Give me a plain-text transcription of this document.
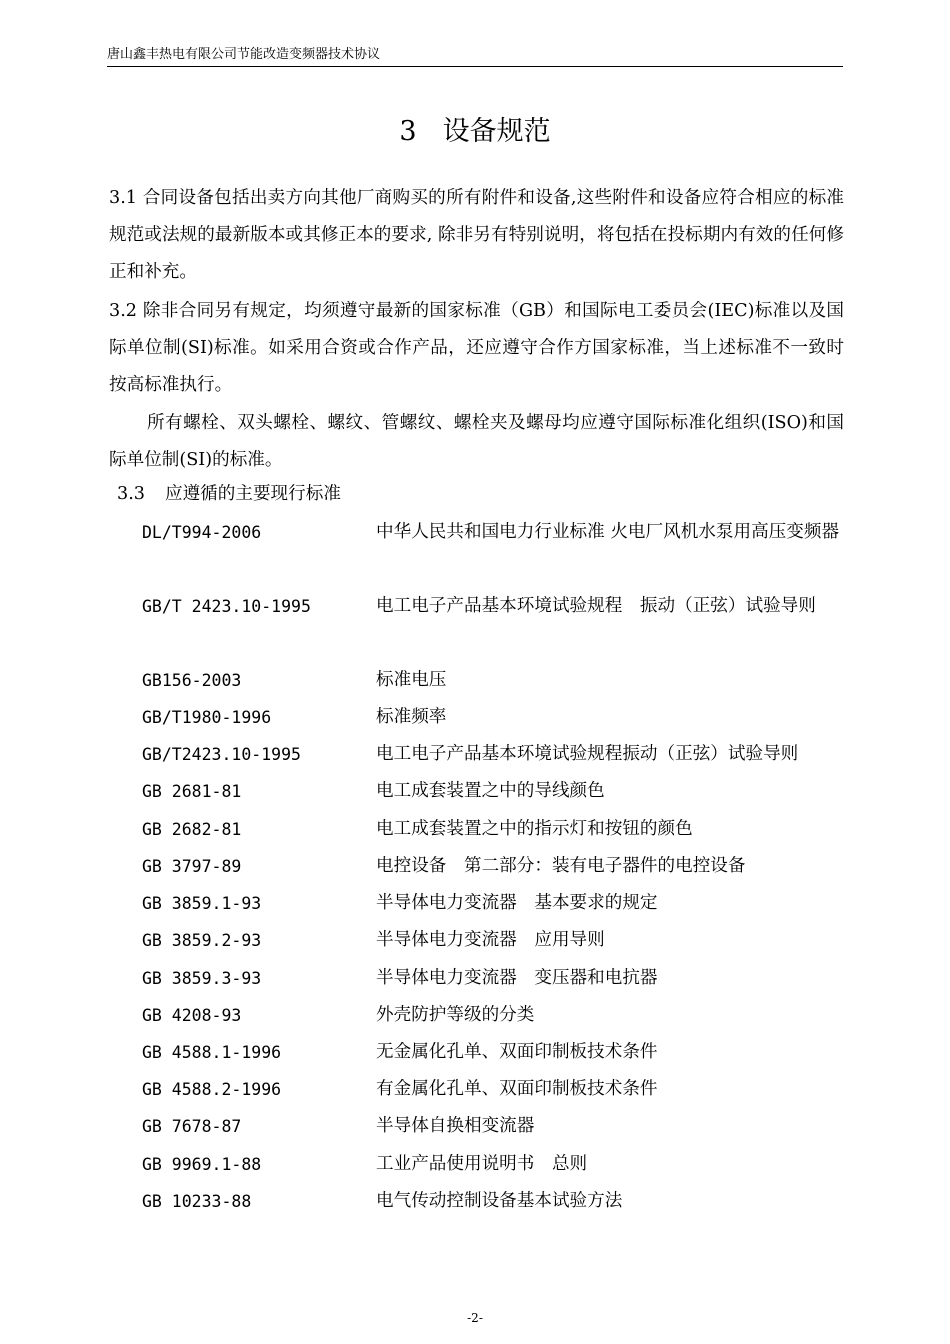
唐山鑫丰热电有限公司节能改造变频器技术协议
3 设备规范
3.1 合同设备包括出卖方向其他厂商购买的所有附件和设备,这些附件和设备应符合相应的标准规范或法规的最新版本或其修正本的要求, 除非另有特别说明，将包括在投标期内有效的任何修正和补充。
3.2 除非合同另有规定，均须遵守最新的国家标准（GB）和国际电工委员会(IEC)标准以及国际单位制(SI)标准。如采用合资或合作产品，还应遵守合作方国家标准，当上述标准不一致时按高标准执行。
所有螺栓、双头螺栓、螺纹、管螺纹、螺栓夹及螺母均应遵守国际标准化组织(ISO)和国际单位制(SI)的标准。
3.3 应遵循的主要现行标准
DL/T994-2006	中华人民共和国电力行业标准 火电厂风机水泵用高压变频器
GB/T 2423.10-1995	电工电子产品基本环境试验规程　振动（正弦）试验导则
GB156-2003	标准电压
GB/T1980-1996	标准频率
GB/T2423.10-1995	电工电子产品基本环境试验规程振动（正弦）试验导则
GB 2681-81	电工成套装置之中的导线颜色
GB 2682-81	电工成套装置之中的指示灯和按钮的颜色
GB 3797-89	电控设备　第二部分：装有电子器件的电控设备
GB 3859.1-93	半导体电力变流器　基本要求的规定
GB 3859.2-93	半导体电力变流器　应用导则
GB 3859.3-93	半导体电力变流器　变压器和电抗器
GB 4208-93	外壳防护等级的分类
GB 4588.1-1996	无金属化孔单、双面印制板技术条件
GB 4588.2-1996	有金属化孔单、双面印制板技术条件
GB 7678-87	半导体自换相变流器
GB 9969.1-88	工业产品使用说明书　总则
GB 10233-88	电气传动控制设备基本试验方法
-2-
